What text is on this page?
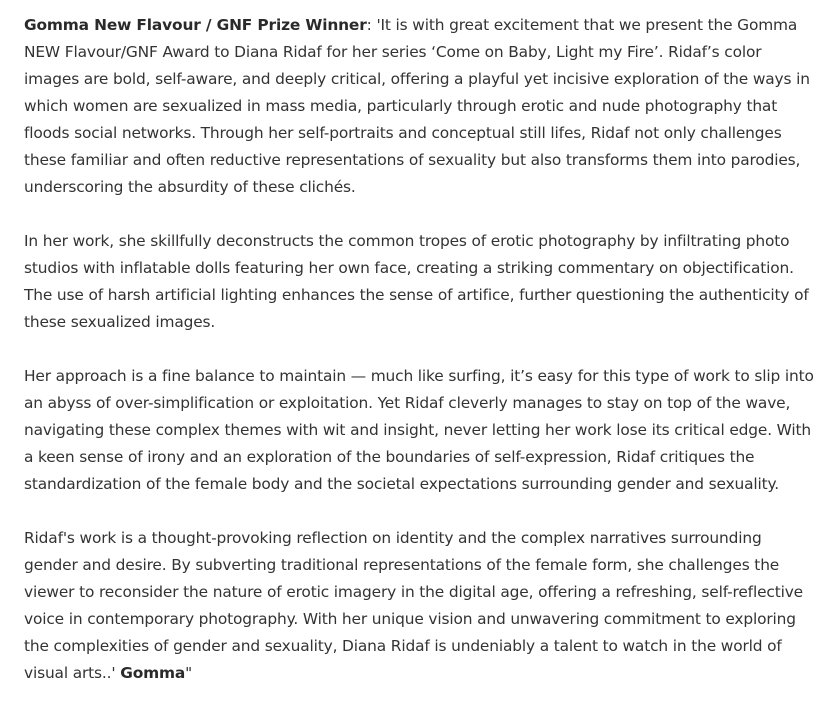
Gomma New Flavour / GNF Prize Winner: 'It is with great excitement that we present the Gomma NEW Flavour/GNF Award to Diana Ridaf for her series ‘Come on Baby, Light my Fire’. Ridaf’s color images are bold, self-aware, and deeply critical, offering a playful yet incisive exploration of the ways in which women are sexualized in mass media, particularly through erotic and nude photography that floods social networks. Through her self-portraits and conceptual still lifes, Ridaf not only challenges these familiar and often reductive representations of sexuality but also transforms them into parodies, underscoring the absurdity of these clichés.

In her work, she skillfully deconstructs the common tropes of erotic photography by infiltrating photo studios with inflatable dolls featuring her own face, creating a striking commentary on objectification. The use of harsh artificial lighting enhances the sense of artifice, further questioning the authenticity of these sexualized images.

Her approach is a fine balance to maintain — much like surfing, it’s easy for this type of work to slip into an abyss of over-simplification or exploitation. Yet Ridaf cleverly manages to stay on top of the wave, navigating these complex themes with wit and insight, never letting her work lose its critical edge. With a keen sense of irony and an exploration of the boundaries of self-expression, Ridaf critiques the standardization of the female body and the societal expectations surrounding gender and sexuality.

Ridaf's work is a thought-provoking reflection on identity and the complex narratives surrounding gender and desire. By subverting traditional representations of the female form, she challenges the viewer to reconsider the nature of erotic imagery in the digital age, offering a refreshing, self-reflective voice in contemporary photography. With her unique vision and unwavering commitment to exploring the complexities of gender and sexuality, Diana Ridaf is undeniably a talent to watch in the world of visual arts..' Gomma"
